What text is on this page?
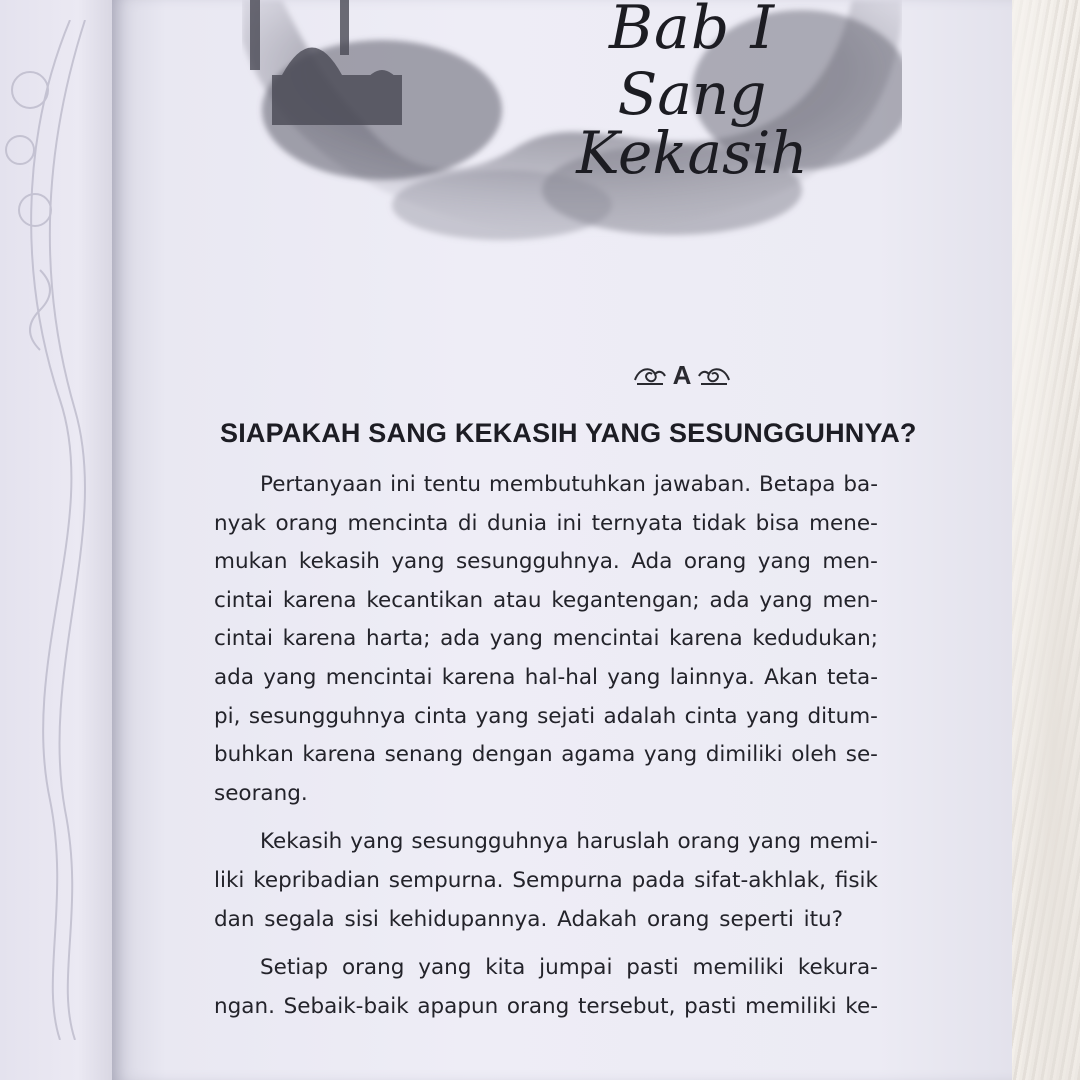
Bab I
Sang Kekasih
A
SIAPAKAH SANG KEKASIH YANG SESUNGGUHNYA?
Pertanyaan ini tentu membutuhkan jawaban. Betapa ba-
nyak orang mencinta di dunia ini ternyata tidak bisa mene-
mukan kekasih yang sesungguhnya. Ada orang yang men-
cintai karena kecantikan atau kegantengan; ada yang men-
cintai karena harta; ada yang mencintai karena kedudukan;
ada yang mencintai karena hal-hal yang lainnya. Akan teta-
pi, sesungguhnya cinta yang sejati adalah cinta yang ditum-
buhkan karena senang dengan agama yang dimiliki oleh se-
seorang.
Kekasih yang sesungguhnya haruslah orang yang memi-
liki kepribadian sempurna. Sempurna pada sifat-akhlak, fisik
dan segala sisi kehidupannya. Adakah orang seperti itu?
Setiap orang yang kita jumpai pasti memiliki kekura-
ngan. Sebaik-baik apapun orang tersebut, pasti memiliki ke-
